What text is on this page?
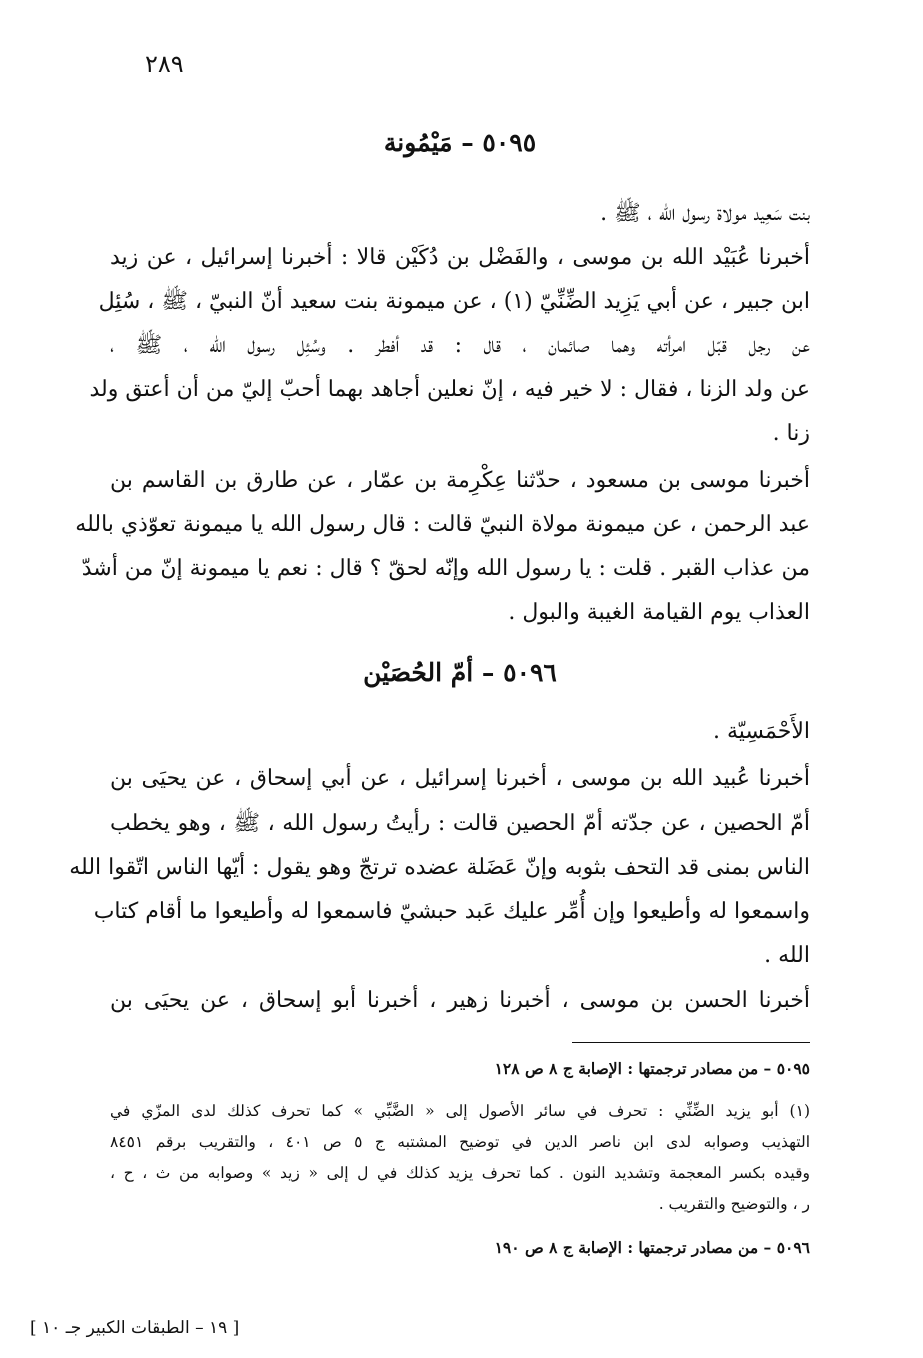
٢٨٩
٥٠٩٥ – مَيْمُونة
بنت سَعِيد مولاة رسول الله ، ﷺ .
أخبرنا عُبَيْد الله بن موسى ، والفَضْل بن دُكَيْن قالا : أخبرنا إسرائيل ، عن زيد
ابن جبير ، عن أبي يَزِيد الضِّنِّيّ (١) ، عن ميمونة بنت سعيد أنّ النبيّ ، ﷺ ، سُئِل
عن رجل قبّل امرأته وهما صائمان ، قال : قد أفطر . وسُئِل رسول الله ، ﷺ ،
عن ولد الزنا ، فقال : لا خير فيه ، إنّ نعلين أجاهد بهما أحبّ إليّ من أن أعتق ولد
زنا .
أخبرنا موسى بن مسعود ، حدّثنا عِكْرِمة بن عمّار ، عن طارق بن القاسم بن
عبد الرحمن ، عن ميمونة مولاة النبيّ قالت : قال رسول الله يا ميمونة تعوّذي بالله
من عذاب القبر . قلت : يا رسول الله وإنّه لحقّ ؟ قال : نعم يا ميمونة إنّ من أشدّ
العذاب يوم القيامة الغيبة والبول .
٥٠٩٦ – أمّ الحُصَيْن
الأَحْمَسِيّة .
أخبرنا عُبيد الله بن موسى ، أخبرنا إسرائيل ، عن أبي إسحاق ، عن يحيَى بن
أمّ الحصين ، عن جدّته أمّ الحصين قالت : رأيتُ رسول الله ، ﷺ ، وهو يخطب
الناس بمنى قد التحف بثوبه وإنّ عَضَلة عضده ترتجّ وهو يقول : أيّها الناس اتّقوا الله
واسمعوا له وأطيعوا وإن أُمِّر عليك عَبد حبشيّ فاسمعوا له وأطيعوا ما أقام كتاب
الله .
أخبرنا الحسن بن موسى ، أخبرنا زهير ، أخبرنا أبو إسحاق ، عن يحيَى بن
٥٠٩٥ – من مصادر ترجمتها : الإصابة ج ٨ ص ١٢٨
(١) أبو يزيد الضِّنِّي : تحرف في سائر الأصول إلى « الضَّبِّي » كما تحرف كذلك لدى المزّي في
التهذيب وصوابه لدى ابن ناصر الدين في توضيح المشتبه ج ٥ ص ٤٠١ ، والتقريب برقم ٨٤٥١
وقيده بكسر المعجمة وتشديد النون . كما تحرف يزيد كذلك في ل إلى « زيد » وصوابه من ث ، ح ،
ر ، والتوضيح والتقريب .
٥٠٩٦ – من مصادر ترجمتها : الإصابة ج ٨ ص ١٩٠
[ ١٩ – الطبقات الكبير جـ ١٠ ]
